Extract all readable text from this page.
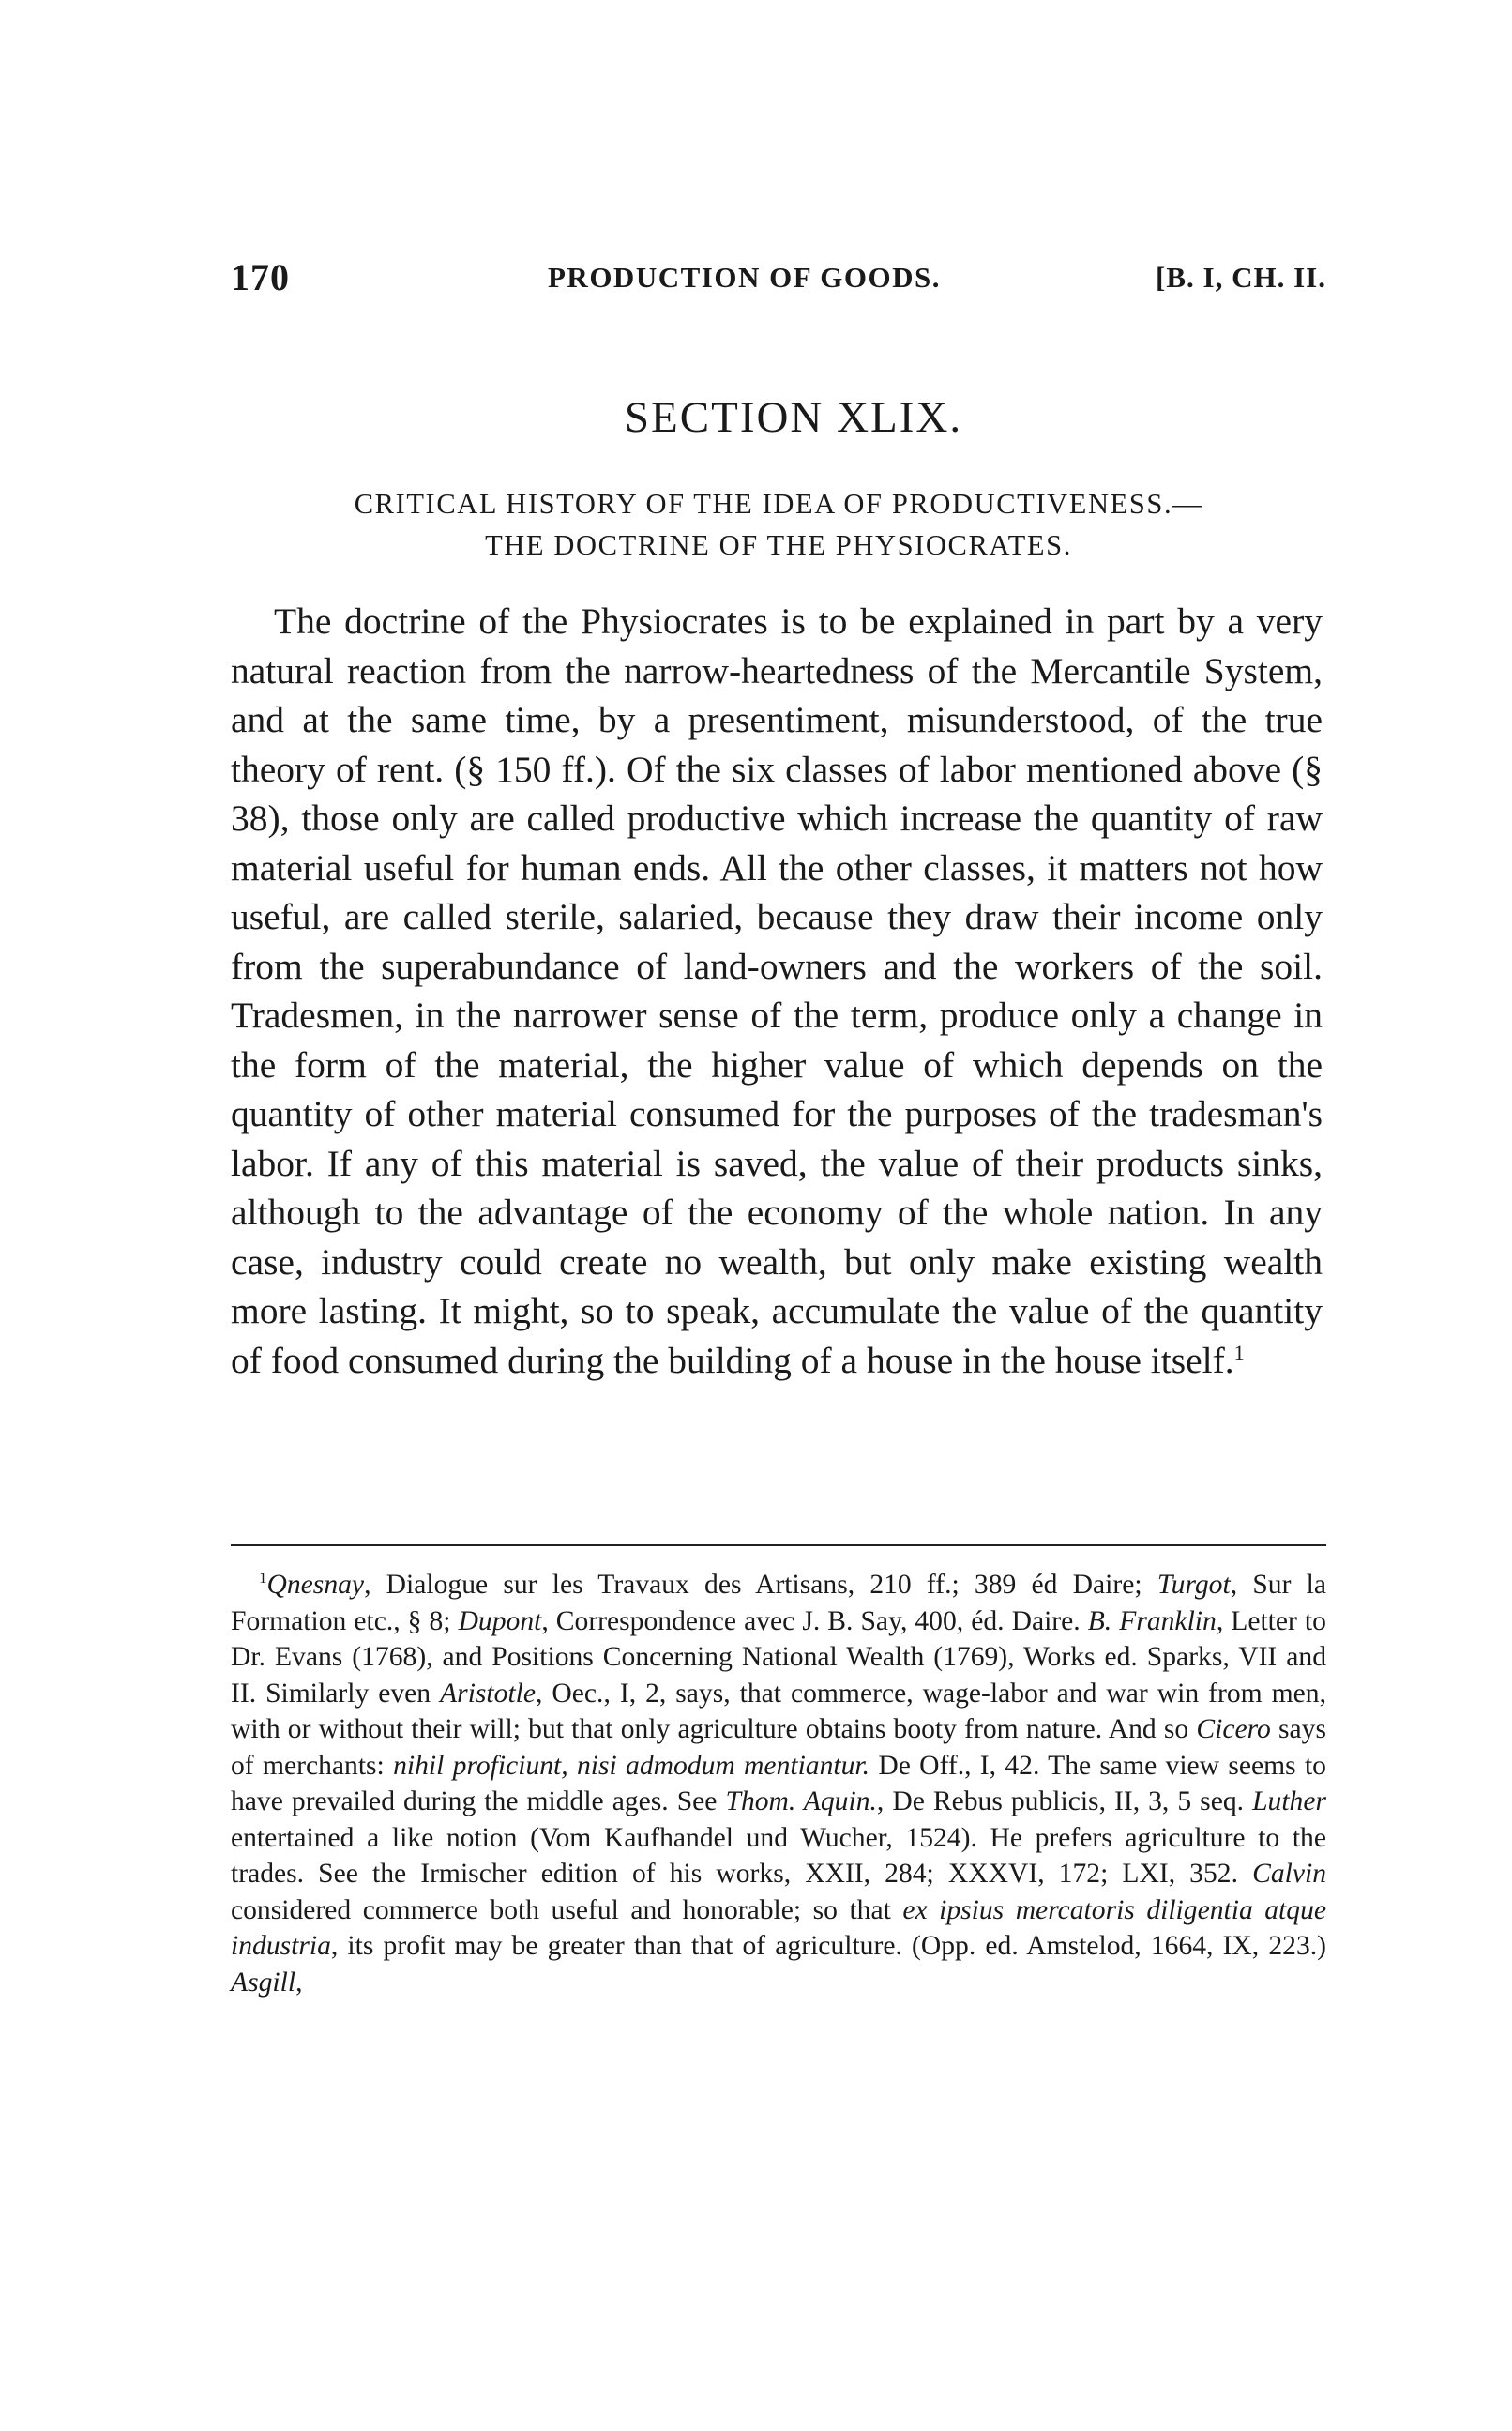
170	PRODUCTION OF GOODS.	[B. I, CH. II.
SECTION XLIX.
CRITICAL HISTORY OF THE IDEA OF PRODUCTIVENESS.—
THE DOCTRINE OF THE PHYSIOCRATES.

The doctrine of the Physiocrates is to be explained in part by a very natural reaction from the narrow-heartedness of the Mercantile System, and at the same time, by a presentiment, misunderstood, of the true theory of rent. (§ 150 ff.). Of the six classes of labor mentioned above (§ 38), those only are called productive which increase the quantity of raw material useful for human ends. All the other classes, it matters not how useful, are called sterile, salaried, because they draw their income only from the superabundance of land-owners and the workers of the soil. Tradesmen, in the narrower sense of the term, produce only a change in the form of the material, the higher value of which depends on the quantity of other material consumed for the purposes of the tradesman's labor. If any of this material is saved, the value of their products sinks, although to the advantage of the economy of the whole nation. In any case, industry could create no wealth, but only make existing wealth more lasting. It might, so to speak, accumulate the value of the quantity of food consumed during the building of a house in the house itself.$^1$

$^1$Qnesnay, Dialogue sur les Travaux des Artisans, 210 ff.; 389 éd Daire; Turgot, Sur la Formation etc., § 8; Dupont, Correspondence avec J. B. Say, 400, éd. Daire. B. Franklin, Letter to Dr. Evans (1768), and Positions Concerning National Wealth (1769), Works ed. Sparks, VII and II. Similarly even Aristotle, Oec., I, 2, says, that commerce, wage-labor and war win from men, with or without their will; but that only agriculture obtains booty from nature. And so Cicero says of merchants: nihil proficiunt, nisi admodum mentiantur. De Off., I, 42. The same view seems to have prevailed during the middle ages. See Thom. Aquin., De Rebus publicis, II, 3, 5 seq. Luther entertained a like notion (Vom Kaufhandel und Wucher, 1524). He prefers agriculture to the trades. See the Irmischer edition of his works, XXII, 284; XXXVI, 172; LXI, 352. Calvin considered commerce both useful and honorable; so that ex ipsius mercatoris diligentia atque industria, its profit may be greater than that of agriculture. (Opp. ed. Amstelod, 1664, IX, 223.) Asgill,
